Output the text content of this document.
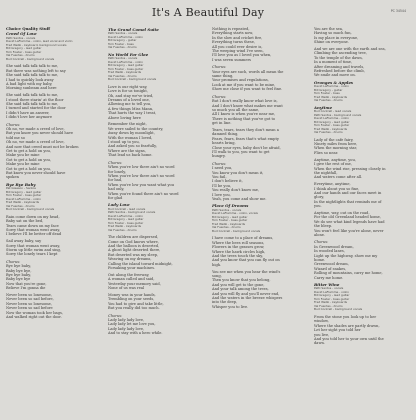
It's A Beautiful Day	PC 34544
Choice Quality Stuff
Creed Of Love
Patti Santos - vocals
David LaFlamme - violin, lead vocal and violin
Fred Webb - keyboard, background vocals
Bill Gregory - lead guitar
Tom Fowler - bass guitar
Val Fuentes - drums
Bud Cockrell - background vocals
She said talk talk talk to me,
But there was nothing left to say
She said talk talk talk to me,
I had to quickly look away
A bad light with my baby,
Morning sunbeam and here
She said talk talk talk to me,
I stood there starin' at the floor
She said talk talk talk to me,
I turned and started for the door
I didn't have an answer,
I didn't love her anymore
Chorus:
Oh no, we made a creed of love,
But you know you never should have
told me so
Oh no, we made a creed of love,
And now that creed must not be broken
Get to get a hold on you,
Make you be mine
Got to get a hold on you,
Make you be mine
Got to get a hold on you,
But know you never should have
spoken
Bye Bye Baby
Pat Gleeson - Santos
Bill Gregory - lead guitar
Tom Fowler - bass guitar
David LaFlamme - violin
Fred Webb - keyboards
Val Fuentes - drums
Bud Cockrell - background vocals
Rain come down on my head,
Baby sat on the bed,
Tears came down on my face
Sorry that woman went away,
I believe I'll be better off dead
Sail away baby, say
Sorry that woman went away,
Storm up little swim and sing,
Sorry the lonely tears I kept
Chorus:
Bye bye baby,
Baby bye bye,
Bye bye baby,
Baby bye bye
Now that you're gone,
Believe I'm gonna die
Never been so lonesome,
Never been so sad before,
Never been so lonesome,
Never been so sad before
Now the woman took her bags,
And walked right out the door.
The Grand Camel Suite
Patti Santos - vocals
David LaFlamme - violin
Bill Gregory - guitar
Tom Fowler - bass
Val Fuentes - drums
No World For Glee
Patti Santos - vocals
David LaFlamme - violin
Bill Gregory - lead guitar
Tom Fowler - bass guitar
Fred Webb - keyboards
Val Fuentes - drums
Bud Cockrell - background vocals
Love is our right way,
Love is for us tonight,
Oh, and stay we've tried,
Dreams of a loved one,
Allowing me to tell you,
A few things Miss Mann,
That hurts the way I treat,
Above loving here
Remember the night,
We were sailed to the country,
Away down by moonlight,
With the woman I loved,
I stood up to you,
And asked you so fearfully,
Where are the signs,
That lead us back home.
Chorus:
When you're low there ain't no word
for lonely,
When you're low there ain't no word
for bad,
When you're low you want what you
had only,
When you're found there ain't no word
for glad
Lady Love
Bud Cockrell - lead vocals
Patti Santos - background vocals
David LaFlamme - violin
Bill Gregory - lead guitar
Tom Fowler - bass guitar
Fred Webb - keyboards
Val Fuentes - drums
The children are dispersed,
Come on God knows where,
And the balloon is deserted,
A ghost light deserted there,
But deserted was my sleep,
Weaving on my dreams,
Calling the island toward midnight,
Forsaking your machines.
Out along the freeway,
A woman called and said,
Yesterday your memory said,
None of us was real
Money was in your hands,
Trembling on your seeds,
You had to give and take little,
But you really did too much.
Chorus:
Lady lady lady love,
Lady lady let me love you,
Lady lady lady love,
And to stay with a hero while.
Nothing is repeated,
Everything starts now,
In the slow and cricket fire,
Everything turns these,
All you could ever desire is,
The weeping wind I've seen,
I'll love you as I loved you when,
I was seven summers
Chorus:
Your eyes are such, words all mean the
same thing,
Your promises and regulations,
Look at me if you want to be mine,
Show me close if you want to feel fine.
Chorus:
But I don't really know what love is,
And I don't know what makes me want
so much you all the same,
All I know is when you're near me,
There is nothing that you've got to
get in line.
Tears, tears, tears they don't mean a
damned thing,
Fears, fears, fears that's what empty
hearts bring,
Close your eyes, baby don't be afraid,
I'll walk to you, you want to get
hungry.
Chorus:
I need you,
You know you don't mean it,
You fail,
I don't believe it,
I'll be you,
You really don't know me,
I love you,
Yeah, you come and show me.
Place Of Dreams
Patti Santos - vocals
David LaFlamme - violin, vocals
Bill Gregory - lead guitar
Tom Fowler - bass guitar
Fred Webb - keyboards
Val Fuentes - drums
Bud Cockrell - background vocals
I have come to a place of dreams,
Where the bees roll seasons,
Flowers in the grasses grow,
Where the hawk circles high,
And the trees touch the sky,
And you know that you can fly out on
high.
You see me when you hear the wind's
song,
Then you know that you belong,
And you will get to the gone,
And your talk among the trees,
And you will fly and you'll never end,
And the waters in the breeze whispers
into the deep,
Whisper you to live.
You are the sea,
Having so much fun,
Is my place in everyone,
Shine on everyone.
And we are one with the earth and sea,
Climbing the ascending tree,
To the temple of the dawn,
In a moment of time,
After dreaming and travels,
Refreshed before the climb,
We smile and move on.
Oranges & Apples
David LaFlamme - violin
Bill Gregory - guitar
Tom Fowler - bass
Fred Webb - keyboards
Val Fuentes - drums
Anytime
Bud Cockrell - lead vocals
Patti Santos - background vocals
David LaFlamme - violin
Bill Gregory - lead guitar
Tom Fowler - bass guitar
Fred Webb - keyboards
Val Fuentes - drums
Lady of the cafe fairy,
Ninety miles from here,
When the morning star,
Flies so near.
Anytime, anytime, you,
I give the rest of me,
When the wind rise, pressing closely in
the nightfall,
And waters come after all.
Everytime, anytime,
I think about you so fine,
And our hands and our faces meet in
glory,
In the nightlights that reminds me of
you.
Anytime, way, out on the road,
For the old Greenland headed home,
We do see what kind legends have had
the bleep.
You won't feel like you're alone, never
alone.
Chorus:
In Greenwood dream,
In wooded lanes,
Light up the highway, show me my
home.
Greenwood dream,
Wizard of snakes,
Rolling of mountains, carry me home,
Carry me home.
Bitter Wine
Patti Santos - vocals
David LaFlamme - violin
Bill Gregory - lead guitar
Tom Fowler - bass guitar
Fred Webb - keyboards
Val Fuentes - drums
Bud Cockrell - background vocals
From the stone you look up to her
window,
Where the shades are partly drawn,
Let her sight you told her
you live,
And you told her to your own until the
dawn.
